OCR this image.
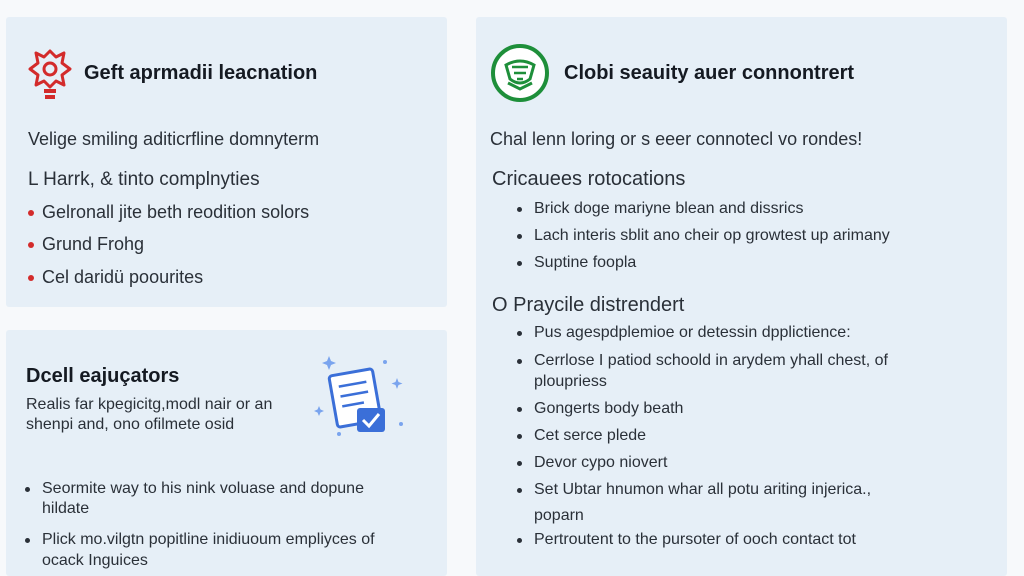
Geft aprmadii leacnation
Velige smiling aditicrfline domnyterm
L Harrk, & tinto complnyties
Gelronall jite beth reodition solors
Grund Frohg
Cel daridü poourites
Dcell eajuçators
Realis far kpegicitg,modl nair or an
shenpi and, ono ofilmete osid
Seormite way to his nink voluase and dopune
hildate
Plick mo.vilgtn popitline inidiuoum empliyces of
ocack Inguices
Clobi seauity auer connontrert
Chal lenn loring or s eeer connotecl vo rondes!
Cricauees rotocations
Brick doge mariyne blean and dissrics
Lach interis sblit ano cheir op growtest up arimany
Suptine foopla
O Praycile distrendert
Pus agespdplemioe or detessin dpplictience:
Cerrlose I patiod schoold in arydem yhall chest, of
ploupriess
Gongerts body beath
Cet serce plede
Devor cypo niovert
Set Ubtar hnumon whar all potu ariting injerica.,
poparn
Pertroutent to the pursoter of ooch contact tot
